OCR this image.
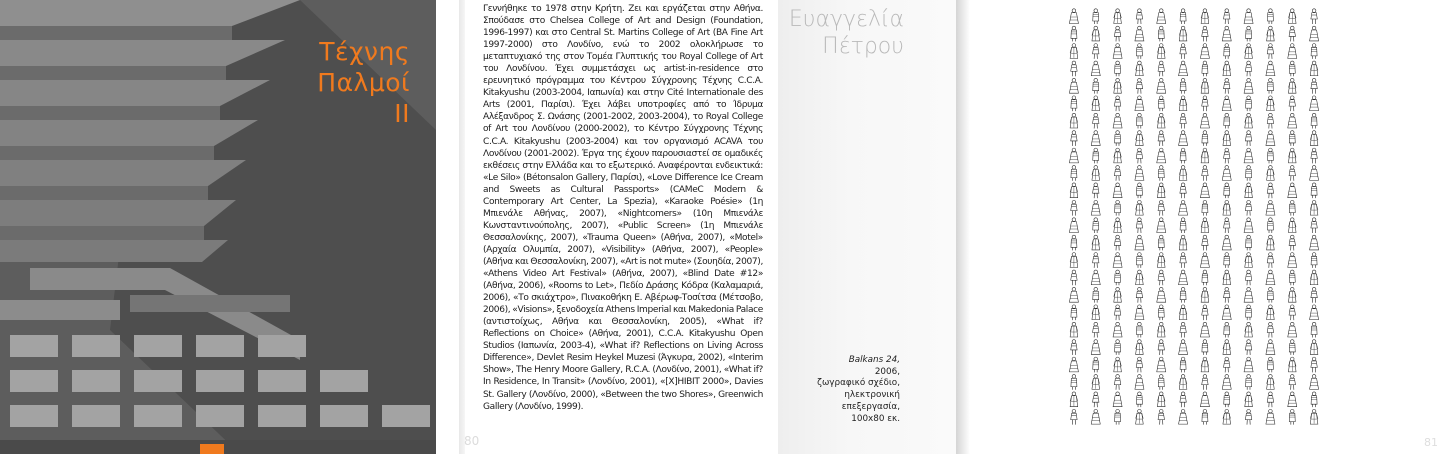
Τέχνης
Παλμοί
II

Γεννήθηκε το 1978 στην Κρήτη. Ζει και εργάζεται στην Αθήνα. Σπούδασε στο Chelsea College of Art and Design (Foundation, 1996-1997) και στο Central St. Martins College of Art (BA Fine Art 1997-2000) στο Λονδίνο, ενώ το 2002 ολοκλήρωσε το μεταπτυχιακό της στον Τομέα Γλυπτικής του Royal College of Art του Λονδίνου. Έχει συμμετάσχει ως artist-in-residence στο ερευνητικό πρόγραμμα του Κέντρου Σύγχρονης Τέχνης C.C.A. Kitakyushu (2003-2004, Ιαπωνία) και στην Cité Internationale des Arts (2001, Παρίσι). Έχει λάβει υποτροφίες από το Ίδρυμα Αλέξανδρος Σ. Ωνάσης (2001-2002, 2003-2004), το Royal College of Art του Λονδίνου (2000-2002), το Κέντρο Σύγχρονης Τέχνης C.C.A. Kitakyushu (2003-2004) και τον οργανισμό ACAVA του Λονδίνου (2001-2002). Έργα της έχουν παρουσιαστεί σε ομαδικές εκθέσεις στην Ελλάδα και το εξωτερικό. Αναφέρονται ενδεικτικά: «Le Silo» (Bétonsalon Gallery, Παρίσι), «Love Difference Ice Cream and Sweets as Cultural Passports» (CAMeC Modern & Contemporary Art Center, La Spezia), «Karaoke Poésie» (1η Μπιενάλε Αθήνας, 2007), «Nightcomers» (10η Μπιενάλε Κωνσταντινούπολης, 2007), «Public Screen» (1η Μπιενάλε Θεσσαλονίκης, 2007), «Trauma Queen» (Αθήνα, 2007), «Motel» (Αρχαία Ολυμπία, 2007), «Visibility» (Αθήνα, 2007), «People» (Αθήνα και Θεσσαλονίκη, 2007), «Art is not mute» (Σουηδία, 2007), «Athens Video Art Festival» (Αθήνα, 2007), «Blind Date #12» (Αθήνα, 2006), «Rooms to Let», Πεδίο Δράσης Κόδρα (Καλαμαριά, 2006), «Το σκιάχτρο», Πινακοθήκη Ε. Αβέρωφ-Τοσίτσα (Μέτσοβο, 2006), «Visions», ξενοδοχεία Athens Imperial και Makedonia Palace (αντιστοίχως, Αθήνα και Θεσσαλονίκη, 2005), «What if? Reflections on Choice» (Αθήνα, 2001), C.C.A. Kitakyushu Open Studios (Ιαπωνία, 2003-4), «What if? Reflections on Living Across Difference», Devlet Resim Heykel Muzesi (Άγκυρα, 2002), «Interim Show», The Henry Moore Gallery, R.C.A. (Λονδίνο, 2001), «What if? In Residence, In Transit» (Λονδίνο, 2001), «[X]HIBIT 2000», Davies St. Gallery (Λονδίνο, 2000), «Between the two Shores», Greenwich Gallery (Λονδίνο, 1999).

80
Ευαγγελία
Πέτρου
Balkans 24,
2006,
ζωγραφικό σχέδιο,
ηλεκτρονική
επεξεργασία,
100x80 εκ.
81
